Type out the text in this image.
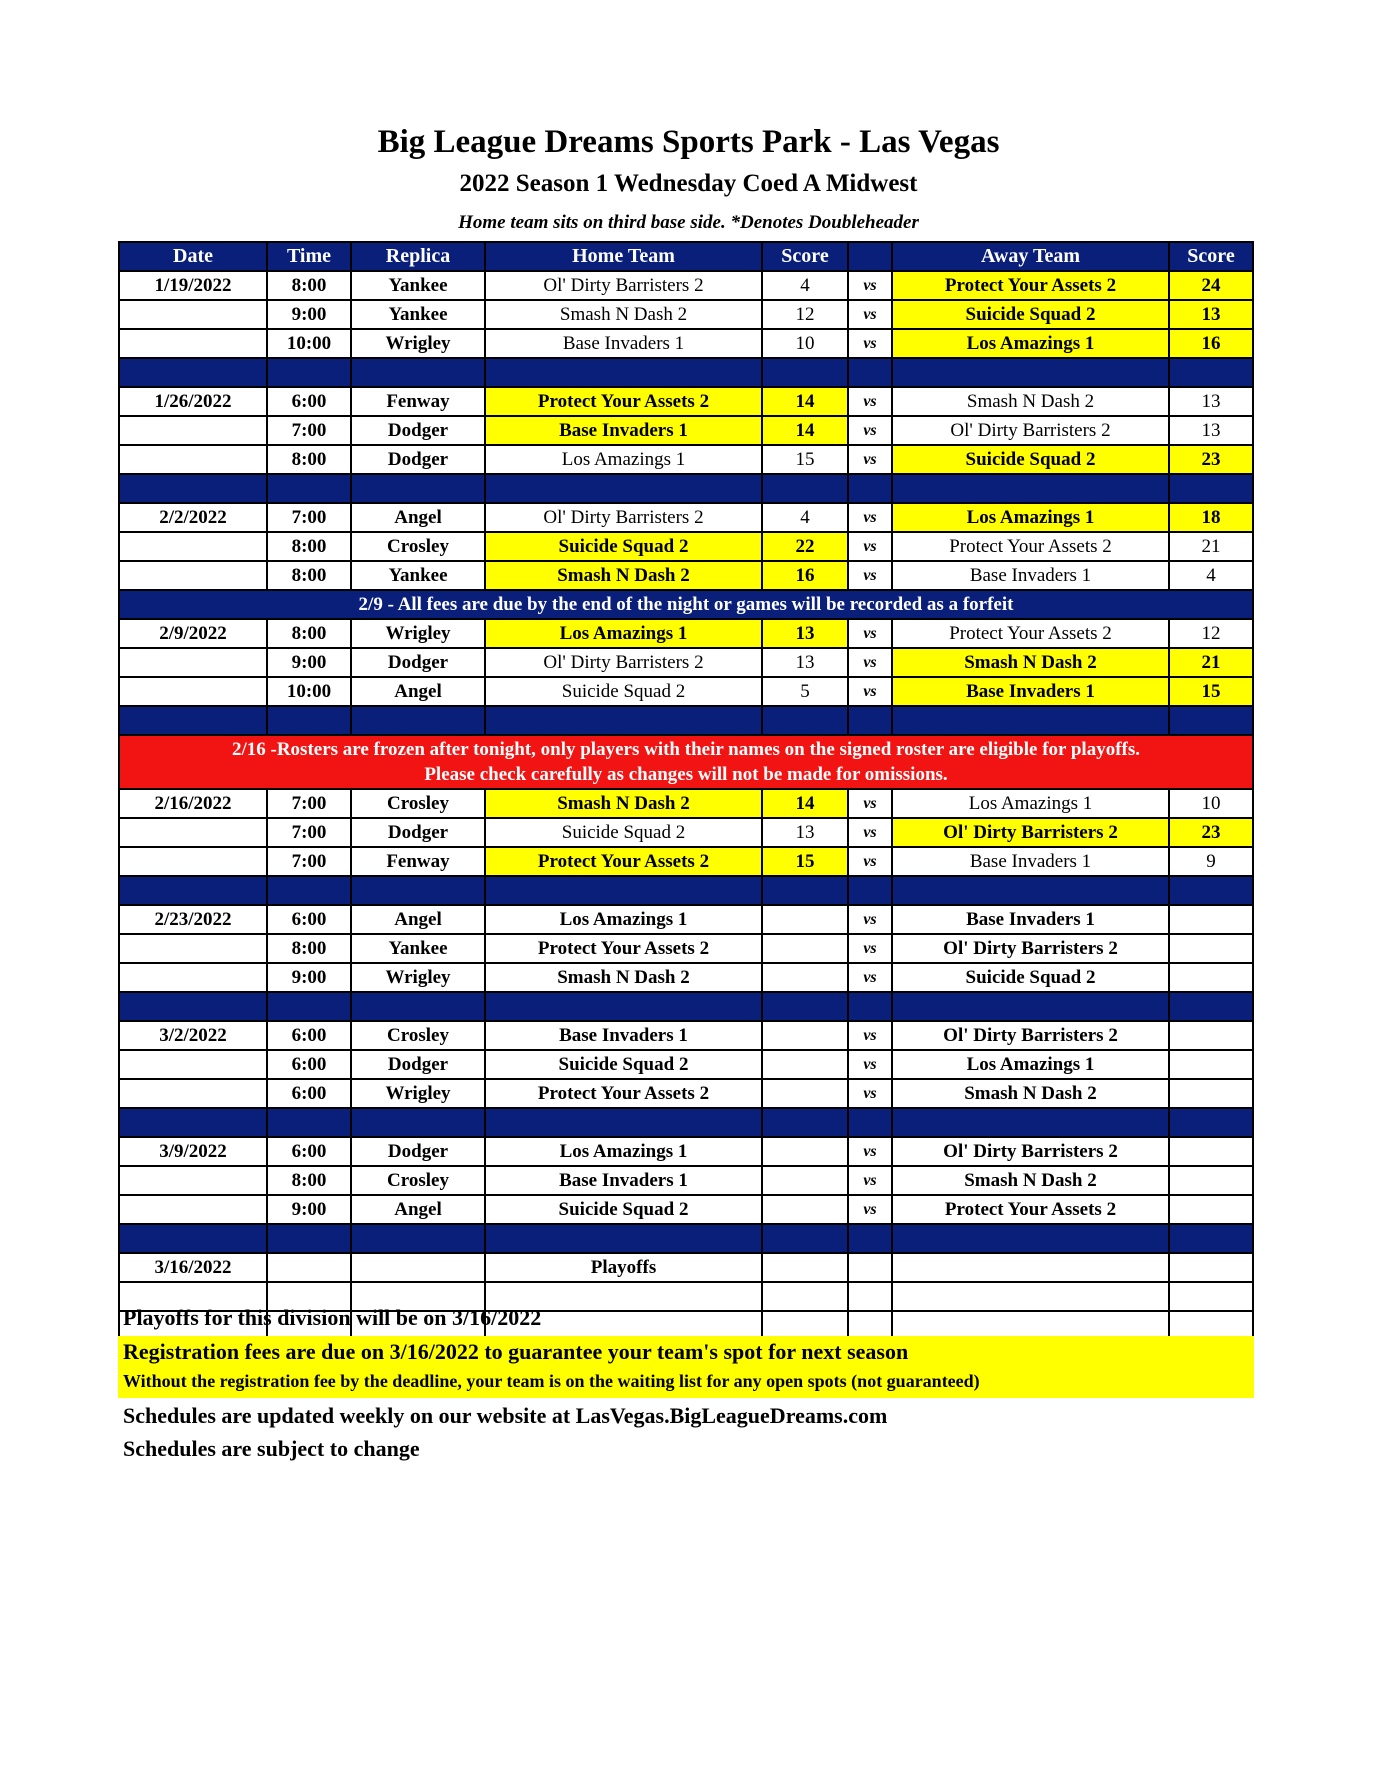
Big League Dreams Sports Park - Las Vegas
2022 Season 1 Wednesday Coed A Midwest
Home team sits on third base side. *Denotes Doubleheader
Date	Time	Replica	Home Team	Score		Away Team	Score
1/19/2022	8:00	Yankee	Ol' Dirty Barristers 2	4	vs	Protect Your Assets 2	24
	9:00	Yankee	Smash N Dash 2	12	vs	Suicide Squad 2	13
	10:00	Wrigley	Base Invaders 1	10	vs	Los Amazings 1	16

1/26/2022	6:00	Fenway	Protect Your Assets 2	14	vs	Smash N Dash 2	13
	7:00	Dodger	Base Invaders 1	14	vs	Ol' Dirty Barristers 2	13
	8:00	Dodger	Los Amazings 1	15	vs	Suicide Squad 2	23

2/2/2022	7:00	Angel	Ol' Dirty Barristers 2	4	vs	Los Amazings 1	18
	8:00	Crosley	Suicide Squad 2	22	vs	Protect Your Assets 2	21
	8:00	Yankee	Smash N Dash 2	16	vs	Base Invaders 1	4
2/9 - All fees are due by the end of the night or games will be recorded as a forfeit							
2/9/2022	8:00	Wrigley	Los Amazings 1	13	vs	Protect Your Assets 2	12
	9:00	Dodger	Ol' Dirty Barristers 2	13	vs	Smash N Dash 2	21
	10:00	Angel	Suicide Squad 2	5	vs	Base Invaders 1	15

2/16 -Rosters are frozen after tonight, only players with their names on the signed roster are eligible for playoffs.
Please check carefully as changes will not be made for omissions.							

2/16/2022	7:00	Crosley	Smash N Dash 2	14	vs	Los Amazings 1	10
	7:00	Dodger	Suicide Squad 2	13	vs	Ol' Dirty Barristers 2	23
	7:00	Fenway	Protect Your Assets 2	15	vs	Base Invaders 1	9

2/23/2022	6:00	Angel	Los Amazings 1		vs	Base Invaders 1	
	8:00	Yankee	Protect Your Assets 2		vs	Ol' Dirty Barristers 2	
	9:00	Wrigley	Smash N Dash 2		vs	Suicide Squad 2	

3/2/2022	6:00	Crosley	Base Invaders 1		vs	Ol' Dirty Barristers 2	
	6:00	Dodger	Suicide Squad 2		vs	Los Amazings 1	
	6:00	Wrigley	Protect Your Assets 2		vs	Smash N Dash 2	

3/9/2022	6:00	Dodger	Los Amazings 1		vs	Ol' Dirty Barristers 2	
	8:00	Crosley	Base Invaders 1		vs	Smash N Dash 2	
	9:00	Angel	Suicide Squad 2		vs	Protect Your Assets 2	

3/16/2022			Playoffs				

Playoffs for this division will be on 3/16/2022
Registration fees are due on 3/16/2022 to guarantee your team's spot for next season
Without the registration fee by the deadline, your team is on the waiting list for any open spots (not guaranteed)
Schedules are updated weekly on our website at LasVegas.BigLeagueDreams.com
Schedules are subject to change
